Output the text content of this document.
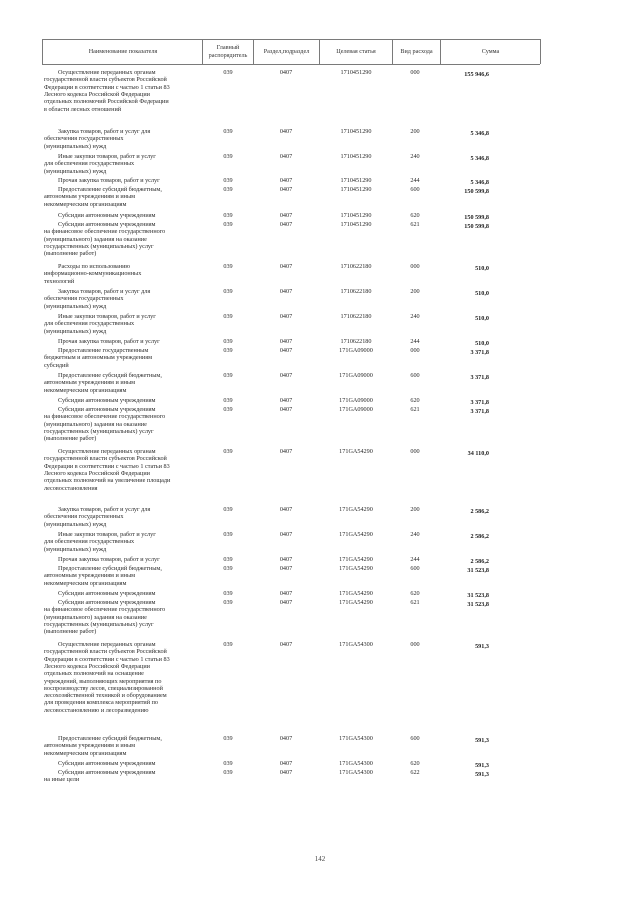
Наименование показателя
Главный
распорядитель
Раздел,подраздел	Целевая статья	Вид расхода	Сумма
Осуществление переданных органам
государственной власти субъектов Российской
Федерации в соответствии с частью 1 статьи 83
Лесного кодекса Российской Федерации
отдельных полномочий Российской Федерации
в области лесных отношений
039	0407	1710451290	000	155 946,6
Закупка товаров, работ и услуг для
обеспечения государственных
(муниципальных) нужд
039	0407	1710451290	200	5 346,8
Иные закупки товаров, работ и услуг
для обеспечения государственных
(муниципальных) нужд
039	0407	1710451290	240	5 346,8
Прочая закупка товаров, работ и услуг	039	0407	1710451290	244	5 346,8
Предоставление субсидий бюджетным,
автономным учреждениям и иным
некоммерческим организациям
039	0407	1710451290	600	150 599,8
Субсидии автономным учреждениям	039	0407	1710451290	620	150 599,8
Субсидии автономным учреждениям
на финансовое обеспечение государственного
(муниципального) задания на оказание
государственных (муниципальных) услуг
(выполнение работ)
039	0407	1710451290	621	150 599,8
Расходы по использованию
информационно-коммуникационных
технологий
039	0407	1710622180	000	510,0
Закупка товаров, работ и услуг для
обеспечения государственных
(муниципальных) нужд
039	0407	1710622180	200	510,0
Иные закупки товаров, работ и услуг
для обеспечения государственных
(муниципальных) нужд
039	0407	1710622180	240	510,0
Прочая закупка товаров, работ и услуг	039	0407	1710622180	244	510,0
Предоставление государственным
бюджетным и автономным учреждениям
субсидий
039	0407	171GA09000	000	3 371,8
Предоставление субсидий бюджетным,
автономным учреждениям и иным
некоммерческим организациям
039	0407	171GA09000	600	3 371,8
Субсидии автономным учреждениям	039	0407	171GA09000	620	3 371,8
Субсидии автономным учреждениям
на финансовое обеспечение государственного
(муниципального) задания на оказание
государственных (муниципальных) услуг
(выполнение работ)
039	0407	171GA09000	621	3 371,8
Осуществление переданных органам
государственной власти субъектов Российской
Федерации в соответствии с частью 1 статьи 83
Лесного кодекса Российской Федерации
отдельных полномочий на увеличение площади
лесовосстановления
039	0407	171GA54290	000	34 110,0
Закупка товаров, работ и услуг для
обеспечения государственных
(муниципальных) нужд
039	0407	171GA54290	200	2 586,2
Иные закупки товаров, работ и услуг
для обеспечения государственных
(муниципальных) нужд
039	0407	171GA54290	240	2 586,2
Прочая закупка товаров, работ и услуг	039	0407	171GA54290	244	2 586,2
Предоставление субсидий бюджетным,
автономным учреждениям и иным
некоммерческим организациям
039	0407	171GA54290	600	31 523,8
Субсидии автономным учреждениям	039	0407	171GA54290	620	31 523,8
Субсидии автономным учреждениям
на финансовое обеспечение государственного
(муниципального) задания на оказание
государственных (муниципальных) услуг
(выполнение работ)
039	0407	171GA54290	621	31 523,8
Осуществление переданных органам
государственной власти субъектов Российской
Федерации в соответствии с частью 1 статьи 83
Лесного кодекса Российской Федерации
отдельных полномочий на оснащение
учреждений, выполняющих мероприятия по
воспроизводству лесов, специализированной
лесохозяйственной техникой и оборудованием
для проведения комплекса мероприятий по
лесовосстановлению и лесоразведению
039	0407	171GA54300	000	591,3
Предоставление субсидий бюджетным,
автономным учреждениям и иным
некоммерческим организациям
039	0407	171GA54300	600	591,3
Субсидии автономным учреждениям	039	0407	171GA54300	620	591,3
Субсидии автономным учреждениям
на иные цели
039	0407	171GA54300	622	591,3
142
